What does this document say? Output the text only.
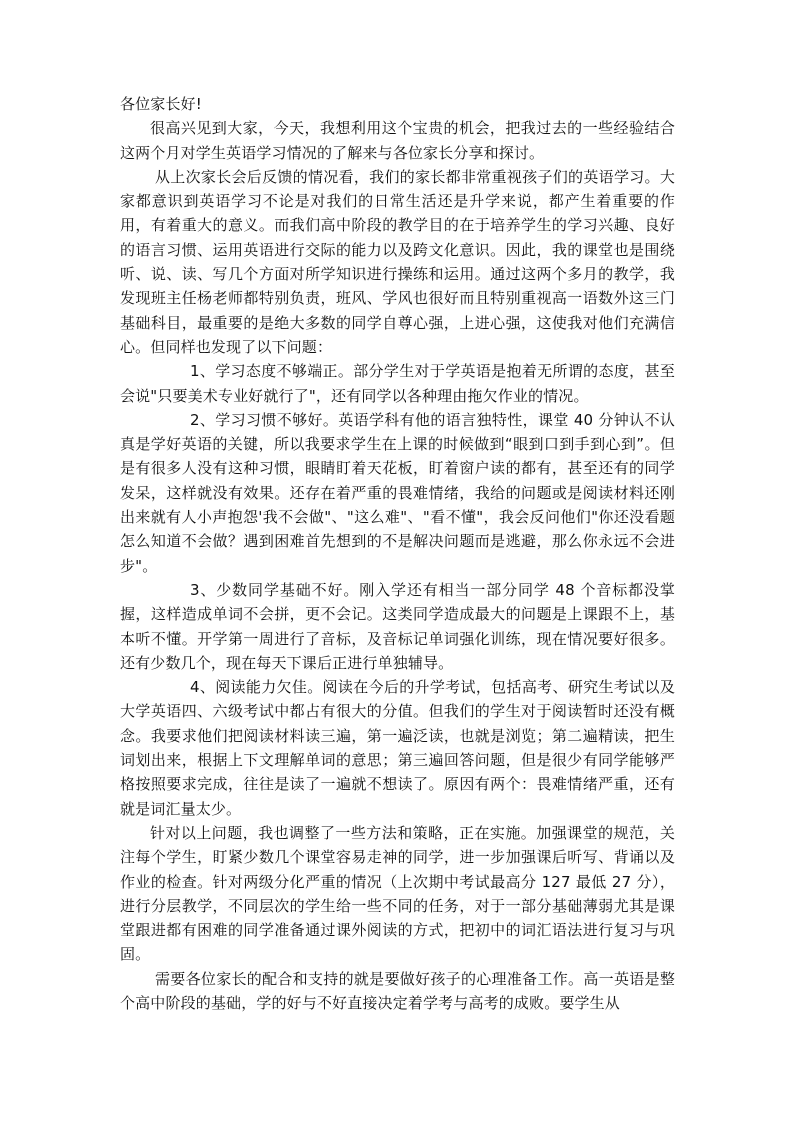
各位家长好!

很高兴见到大家，今天，我想利用这个宝贵的机会，把我过去的一些经验结合这两个月对学生英语学习情况的了解来与各位家长分享和探讨。

从上次家长会后反馈的情况看，我们的家长都非常重视孩子们的英语学习。大家都意识到英语学习不论是对我们的日常生活还是升学来说，都产生着重要的作用，有着重大的意义。而我们高中阶段的教学目的在于培养学生的学习兴趣、良好的语言习惯、运用英语进行交际的能力以及跨文化意识。因此，我的课堂也是围绕听、说、读、写几个方面对所学知识进行操练和运用。通过这两个多月的教学，我发现班主任杨老师都特别负责，班风、学风也很好而且特别重视高一语数外这三门基础科目，最重要的是绝大多数的同学自尊心强，上进心强，这使我对他们充满信心。但同样也发现了以下问题：

1、学习态度不够端正。部分学生对于学英语是抱着无所谓的态度，甚至会说"只要美术专业好就行了"，还有同学以各种理由拖欠作业的情况。

2、学习习惯不够好。英语学科有他的语言独特性，课堂 40 分钟认不认真是学好英语的关键，所以我要求学生在上课的时候做到“眼到口到手到心到”。但是有很多人没有这种习惯，眼睛盯着天花板，盯着窗户读的都有，甚至还有的同学发呆，这样就没有效果。还存在着严重的畏难情绪，我给的问题或是阅读材料还刚出来就有人小声抱怨'我不会做"、"这么难"、"看不懂"，我会反问他们"你还没看题怎么知道不会做？遇到困难首先想到的不是解决问题而是逃避，那么你永远不会进步"。

3、少数同学基础不好。刚入学还有相当一部分同学 48 个音标都没掌握，这样造成单词不会拼，更不会记。这类同学造成最大的问题是上课跟不上，基本听不懂。开学第一周进行了音标，及音标记单词强化训练，现在情况要好很多。还有少数几个，现在每天下课后正进行单独辅导。

4、阅读能力欠佳。阅读在今后的升学考试，包括高考、研究生考试以及大学英语四、六级考试中都占有很大的分值。但我们的学生对于阅读暂时还没有概念。我要求他们把阅读材料读三遍，第一遍泛读，也就是浏览；第二遍精读，把生词划出来，根据上下文理解单词的意思；第三遍回答问题，但是很少有同学能够严格按照要求完成，往往是读了一遍就不想读了。原因有两个：畏难情绪严重，还有就是词汇量太少。

针对以上问题，我也调整了一些方法和策略，正在实施。加强课堂的规范，关注每个学生，盯紧少数几个课堂容易走神的同学，进一步加强课后听写、背诵以及作业的检查。针对两级分化严重的情况（上次期中考试最高分 127 最低 27 分），进行分层教学，不同层次的学生给一些不同的任务，对于一部分基础薄弱尤其是课堂跟进都有困难的同学准备通过课外阅读的方式，把初中的词汇语法进行复习与巩固。

需要各位家长的配合和支持的就是要做好孩子的心理准备工作。高一英语是整个高中阶段的基础，学的好与不好直接决定着学考与高考的成败。要学生从
